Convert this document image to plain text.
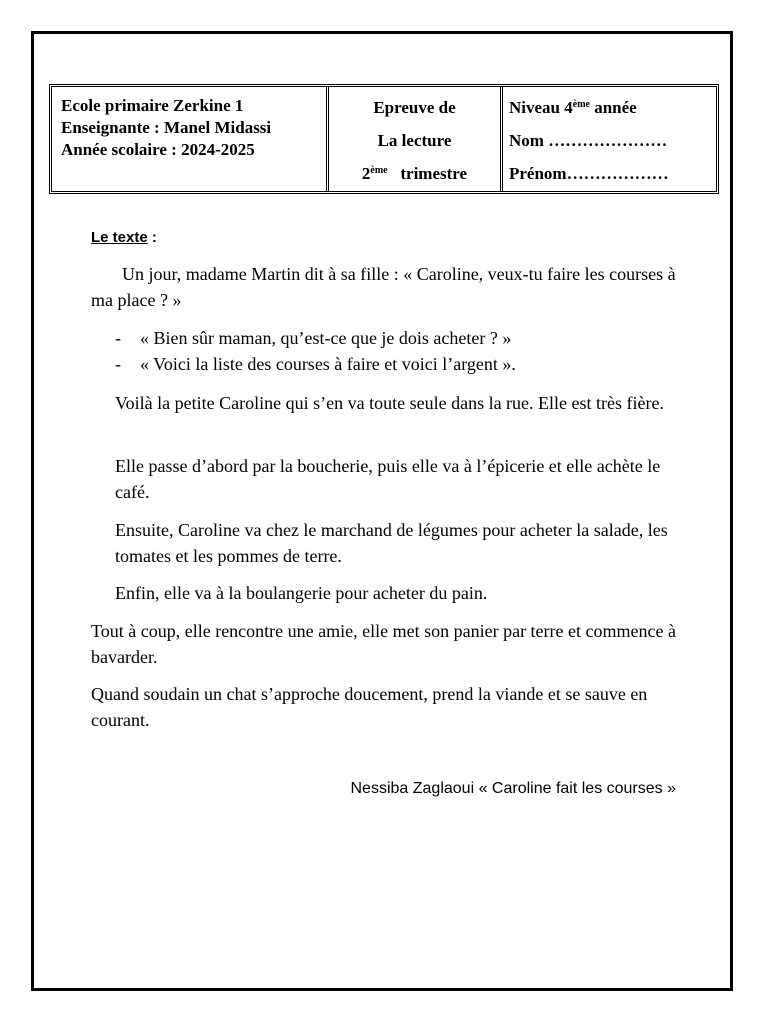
Ecole primaire Zerkine 1
Enseignante : Manel Midassi
Année scolaire : 2024-2025
Epreuve de
La lecture
2ème trimestre
Niveau 4ème année
Nom …………………
Prénom………………
Le texte :

Un jour, madame Martin dit à sa fille : « Caroline, veux-tu faire les courses à ma place ? »

- « Bien sûr maman, qu’est-ce que je dois acheter ? »
- « Voici la liste des courses à faire et voici l’argent ».

Voilà la petite Caroline qui s’en va toute seule dans la rue. Elle est très fière.

Elle passe d’abord par la boucherie, puis elle va à l’épicerie et elle achète le café.

Ensuite, Caroline va chez le marchand de légumes pour acheter la salade, les tomates et les pommes de terre.

Enfin, elle va à la boulangerie pour acheter du pain.

Tout à coup, elle rencontre une amie, elle met son panier par terre et commence à bavarder.

Quand soudain un chat s’approche doucement, prend la viande et se sauve en courant.

Nessiba Zaglaoui « Caroline fait les courses »
